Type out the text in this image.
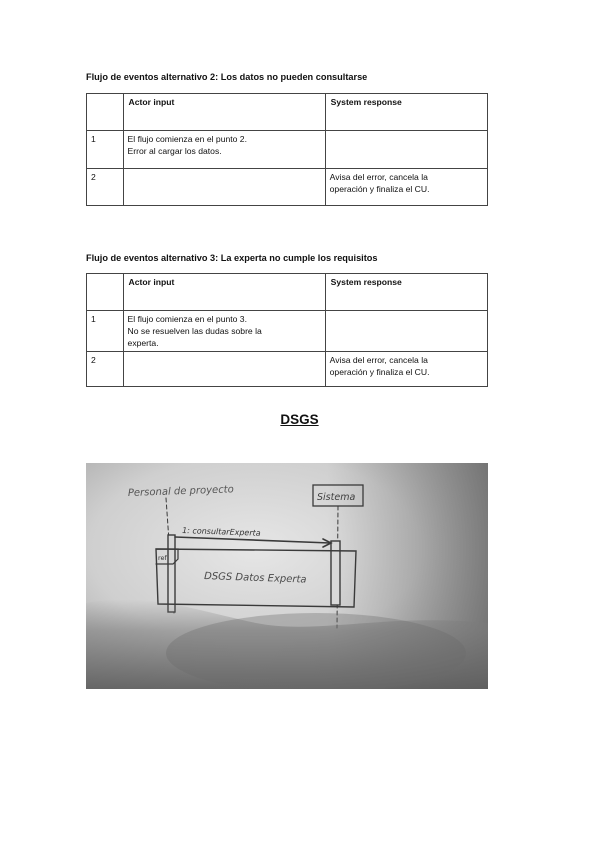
Flujo de eventos alternativo 2: Los datos no pueden consultarse
	Actor input	System response
1	El flujo comienza en el punto 2.
Error al cargar los datos.	

2		Avisa del error, cancela la
operación y finaliza el CU.
Flujo de eventos alternativo 3: La experta no cumple los requisitos
	Actor input	System response
1	El flujo comienza en el punto 3.
No se resuelven las dudas sobre la
experta.	

2		Avisa del error, cancela la
operación y finaliza el CU.
DSGS
Personal de proyecto	Sistema
1: consultarExperta
ref
DSGS Datos Experta
